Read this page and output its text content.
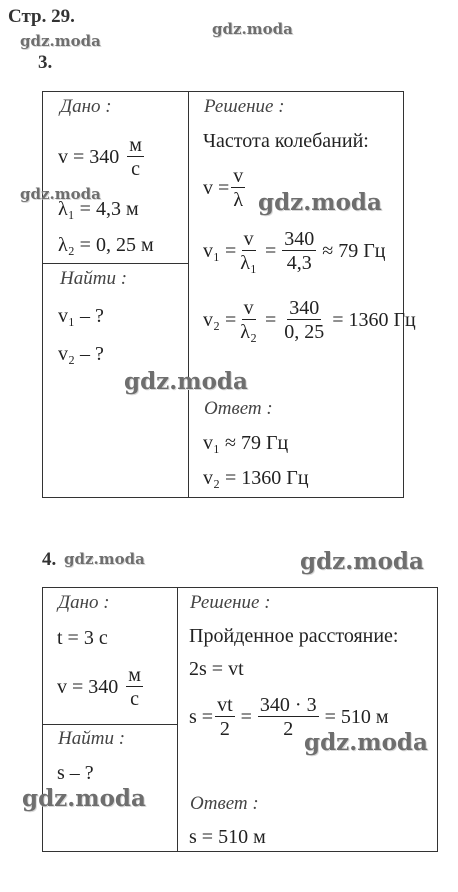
Стр. 29.
gdz.moda
gdz.moda
3.
Дано :
$v = 340 \frac{м}{с}$
λ₁ = 4,3 м
λ₂ = 0, 25 м
Найти :
v₁ – ?
v₂ – ?
Решение :
Частота колебаний:
$v = \frac{v}{\lambda}$
$v_1 = \frac{v}{\text{λ₁}} = \frac{340}{4,3} \approx 79$ Гц
$v_2 = \frac{v}{\text{λ₂}} = \frac{340}{0, 25} = 1360$ Гц
Ответ :
v₁ ≈ 79 Гц
v₂ = 1360 Гц
gdz.moda	gdz.moda
gdz.moda
4. gdz.moda	gdz.moda
Дано :
t = 3 с
$v = 340 \frac{м}{с}$
Найти :
s – ?
Решение :
Пройденное расстояние:
2s = vt
$s = \frac{vt}{2} = \frac{340 \cdot 3}{2} = 510$ м
Ответ :
s = 510 м
gdz.moda
gdz.moda
